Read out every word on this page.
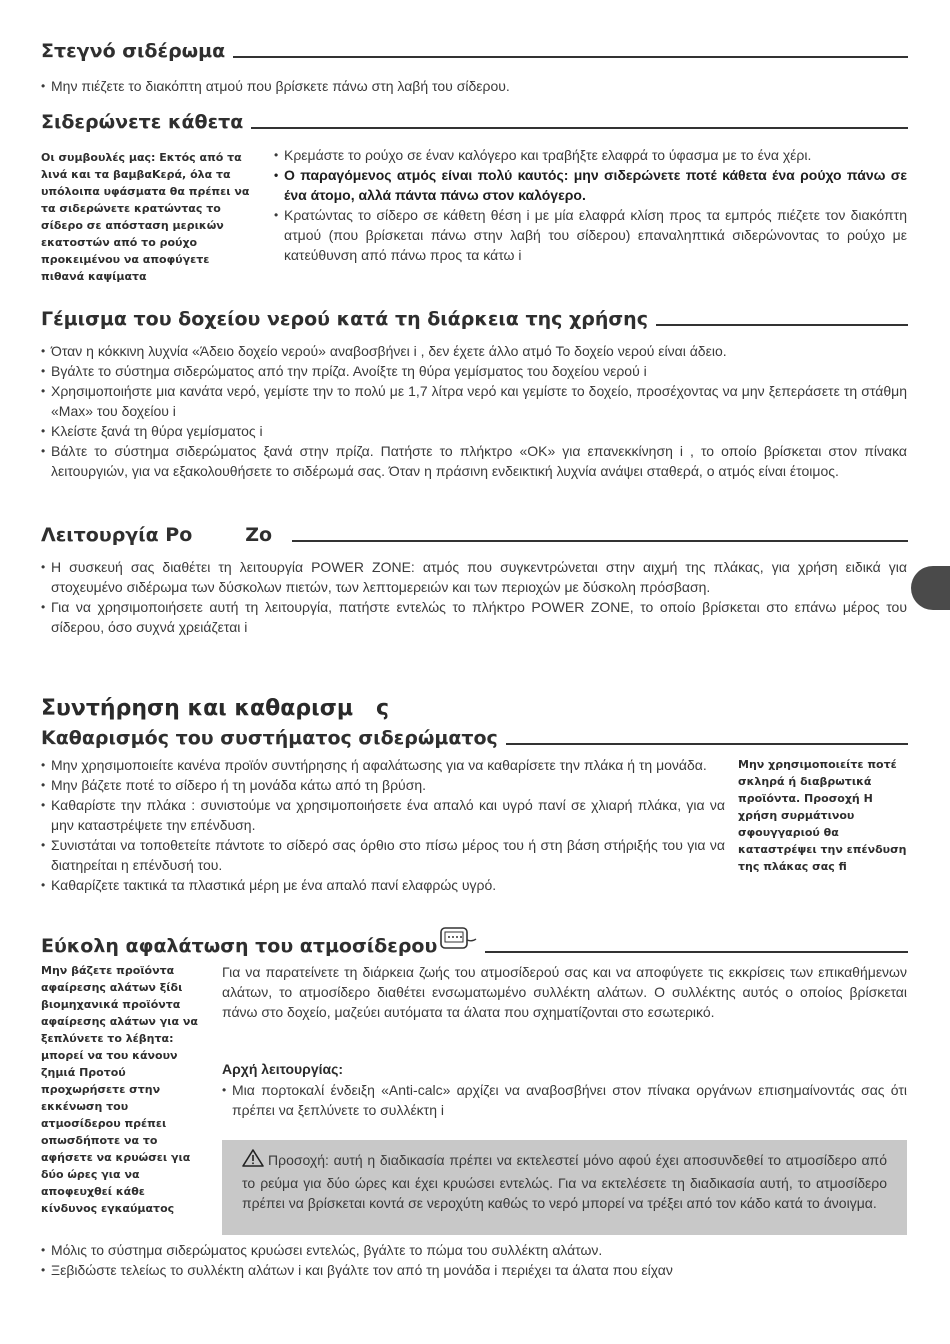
Στεγνό σιδέρωμα
• Μην πιέζετε το διακόπτη ατμού που βρίσκετε πάνω στη λαβή του σίδερου.
Σιδερώνετε κάθετα
Οι συμβουλές μας: Εκτός από τα λινά και τα βαμβαΚερά, όλα τα υπόλοιπα υφάσματα θα πρέπει να τα σιδερώνετε κρατώντας το σίδερο σε απόσταση μερικών εκατοστών από το ρούχο προκειμένου να αποφύγετε πιθανά καψίματα
• Κρεμάστε το ρούχο σε έναν καλόγερο και τραβήξτε ελαφρά το ύφασμα με το ένα χέρι.
• Ο παραγόμενος ατμός είναι πολύ καυτός: μην σιδερώνετε ποτέ κάθετα ένα ρούχο πάνω σε ένα άτομο, αλλά πάντα πάνω στον καλόγερο.
• Κρατώντας το σίδερο σε κάθετη θέση i με μία ελαφρά κλίση προς τα εμπρός πιέζετε τον διακόπτη ατμού (που βρίσκεται πάνω στην λαβή του σίδερου) επαναληπτικά σιδερώνοντας το ρούχο με κατεύθυνση από πάνω προς τα κάτω i
Γέμισμα του δοχείου νερού κατά τη διάρκεια της χρήσης
• Όταν η κόκκινη λυχνία «Άδειο δοχείο νερού» αναβοσβήνει i , δεν έχετε άλλο ατμό Το δοχείο νερού είναι άδειο.
• Βγάλτε το σύστημα σιδερώματος από την πρίζα. Ανοίξτε τη θύρα γεμίσματος του δοχείου νερού i
• Χρησιμοποιήστε μια κανάτα νερό, γεμίστε την το πολύ με 1,7 λίτρα νερό και γεμίστε το δοχείο, προσέχοντας να μην ξεπεράσετε τη στάθμη «Max» του δοχείου i
• Κλείστε ξανά τη θύρα γεμίσματος i
• Βάλτε το σύστημα σιδερώματος ξανά στην πρίζα. Πατήστε το πλήκτρο «OK» για επανεκκίνηση i , το οποίο βρίσκεται στον πίνακα λειτουργιών, για να εξακολουθήσετε το σιδέρωμά σας. Όταν η πράσινη ενδεικτική λυχνία ανάψει σταθερά, ο ατμός είναι έτοιμος.
Λειτουργία Po        Zo
• Η συσκευή σας διαθέτει τη λειτουργία POWER ZONE: ατμός που συγκεντρώνεται στην αιχμή της πλάκας, για χρήση ειδικά για στοχευμένο σιδέρωμα των δύσκολων πιετών, των λεπτομερειών και των περιοχών με δύσκολη πρόσβαση.
• Για να χρησιμοποιήσετε αυτή τη λειτουργία, πατήστε εντελώς το πλήκτρο POWER ZONE, το οποίο βρίσκεται στο επάνω μέρος του σίδερου, όσο συχνά χρειάζεται i
Συντήρηση και καθαρισμ   ς
Καθαρισμός του συστήματος σιδερώματος
• Μην χρησιμοποιείτε κανένα προϊόν συντήρησης ή αφαλάτωσης για να καθαρίσετε την πλάκα ή τη μονάδα.
• Μην βάζετε ποτέ το σίδερο ή τη μονάδα κάτω από τη βρύση.
• Καθαρίστε την πλάκα : συνιστούμε να χρησιμοποιήσετε ένα απαλό και υγρό πανί σε χλιαρή πλάκα, για να μην καταστρέψετε την επένδυση.
• Συνιστάται να τοποθετείτε πάντοτε το σίδερό σας όρθιο στο πίσω μέρος του ή στη βάση στήριξής του για να διατηρείται η επένδυσή του.
• Καθαρίζετε τακτικά τα πλαστικά μέρη με ένα απαλό πανί ελαφρώς υγρό.
Μην χρησιμοποιείτε ποτέ σκληρά ή διαβρωτικά προϊόντα. Προσοχή Η χρήση συρμάτινου σφουγγαριού θα καταστρέψει την επένδυση της πλάκας σας fi
Εύκολη αφαλάτωση του ατμοσίδερου
Μην βάζετε προϊόντα αφαίρεσης αλάτων ξίδι βιομηχανικά προϊόντα αφαίρεσης αλάτων για να ξεπλύνετε το λέβητα: μπορεί να του κάνουν ζημιά Προτού προχωρήσετε στην εκκένωση του ατμοσίδερου πρέπει οπωσδήποτε να το αφήσετε να κρυώσει για δύο ώρες για να αποφευχθεί κάθε κίνδυνος εγκαύματος
Για να παρατείνετε τη διάρκεια ζωής του ατμοσίδερού σας και να αποφύγετε τις εκκρίσεις των επικαθήμενων αλάτων, το ατμοσίδερο διαθέτει ενσωματωμένο συλλέκτη αλάτων. Ο συλλέκτης αυτός ο οποίος βρίσκεται πάνω στο δοχείο, μαζεύει αυτόματα τα άλατα που σχηματίζονται στο εσωτερικό.
Αρχή λειτουργίας:
• Μια πορτοκαλί ένδειξη «Anti-calc» αρχίζει να αναβοσβήνει στον πίνακα οργάνων επισημαίνοντάς σας ότι πρέπει να ξεπλύνετε το συλλέκτη i
Προσοχή: αυτή η διαδικασία πρέπει να εκτελεστεί μόνο αφού έχει αποσυνδεθεί το ατμοσίδερο από το ρεύμα για δύο ώρες και έχει κρυώσει εντελώς. Για να εκτελέσετε τη διαδικασία αυτή, το ατμοσίδερο πρέπει να βρίσκεται κοντά σε νεροχύτη καθώς το νερό μπορεί να τρέξει από τον κάδο κατά το άνοιγμα.
• Μόλις το σύστημα σιδερώματος κρυώσει εντελώς, βγάλτε το πώμα του συλλέκτη αλάτων.
• Ξεβιδώστε τελείως το συλλέκτη αλάτων i και βγάλτε τον από τη μονάδα i περιέχει τα άλατα που είχαν
